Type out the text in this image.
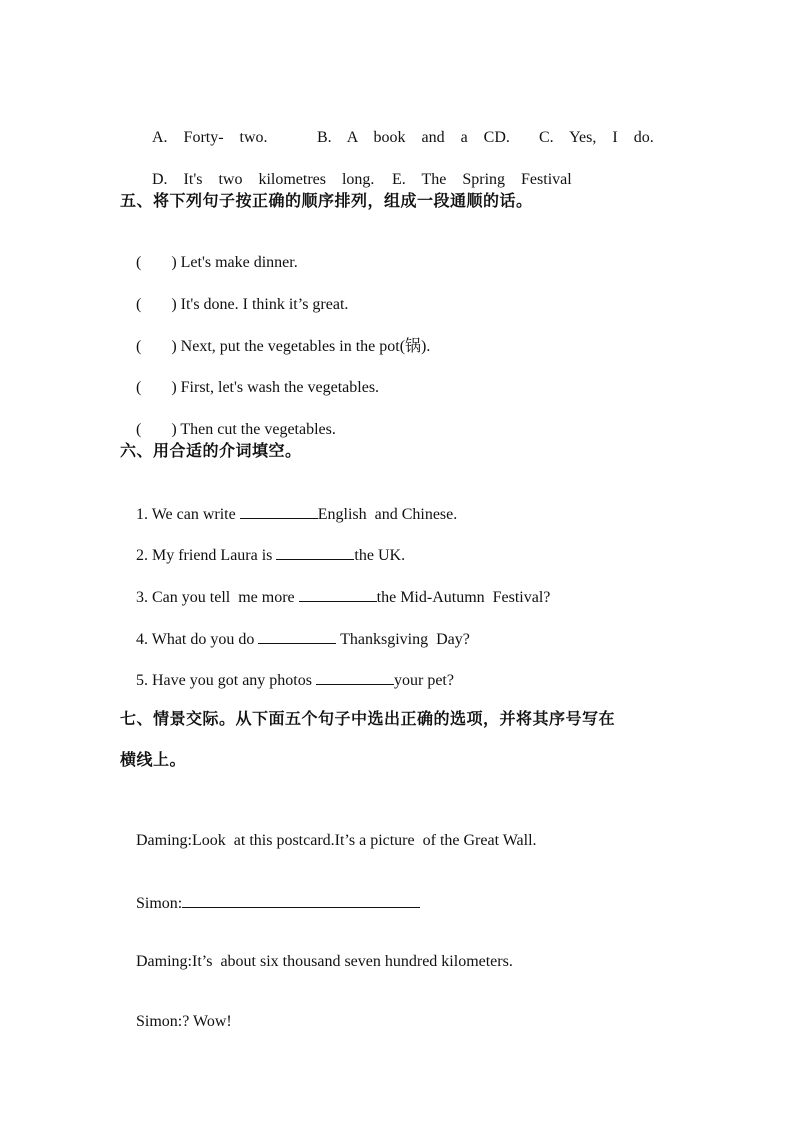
A.  Forty-  two.	B.  A  book  and  a  CD. C.  Yes,  I  do.

D.  It's  two  kilometres  long. E.  The  Spring  Festival

五、将下列句子按正确的顺序排列，组成一段通顺的话。

( ) Let's make dinner.

( ) It's done. I think it’s great.

( ) Next, put the vegetables in the pot(锅).

( ) First, let's wash the vegetables.

( ) Then cut the vegetables.

六、用合适的介词填空。

1. We can write	English  and Chinese.

2. My friend Laura is	the UK.

3. Can you tell  me more	the Mid-Autumn  Festival?

4. What do you do	Thanksgiving  Day?

5. Have you got any photos	your pet?

七、情景交际。从下面五个句子中选出正确的选项，并将其序号写在
横线上。

Daming:Look  at this postcard.It’s a picture  of the Great Wall.

Simon:

Daming:It’s  about six thousand seven hundred kilometers.

Simon:? Wow!
